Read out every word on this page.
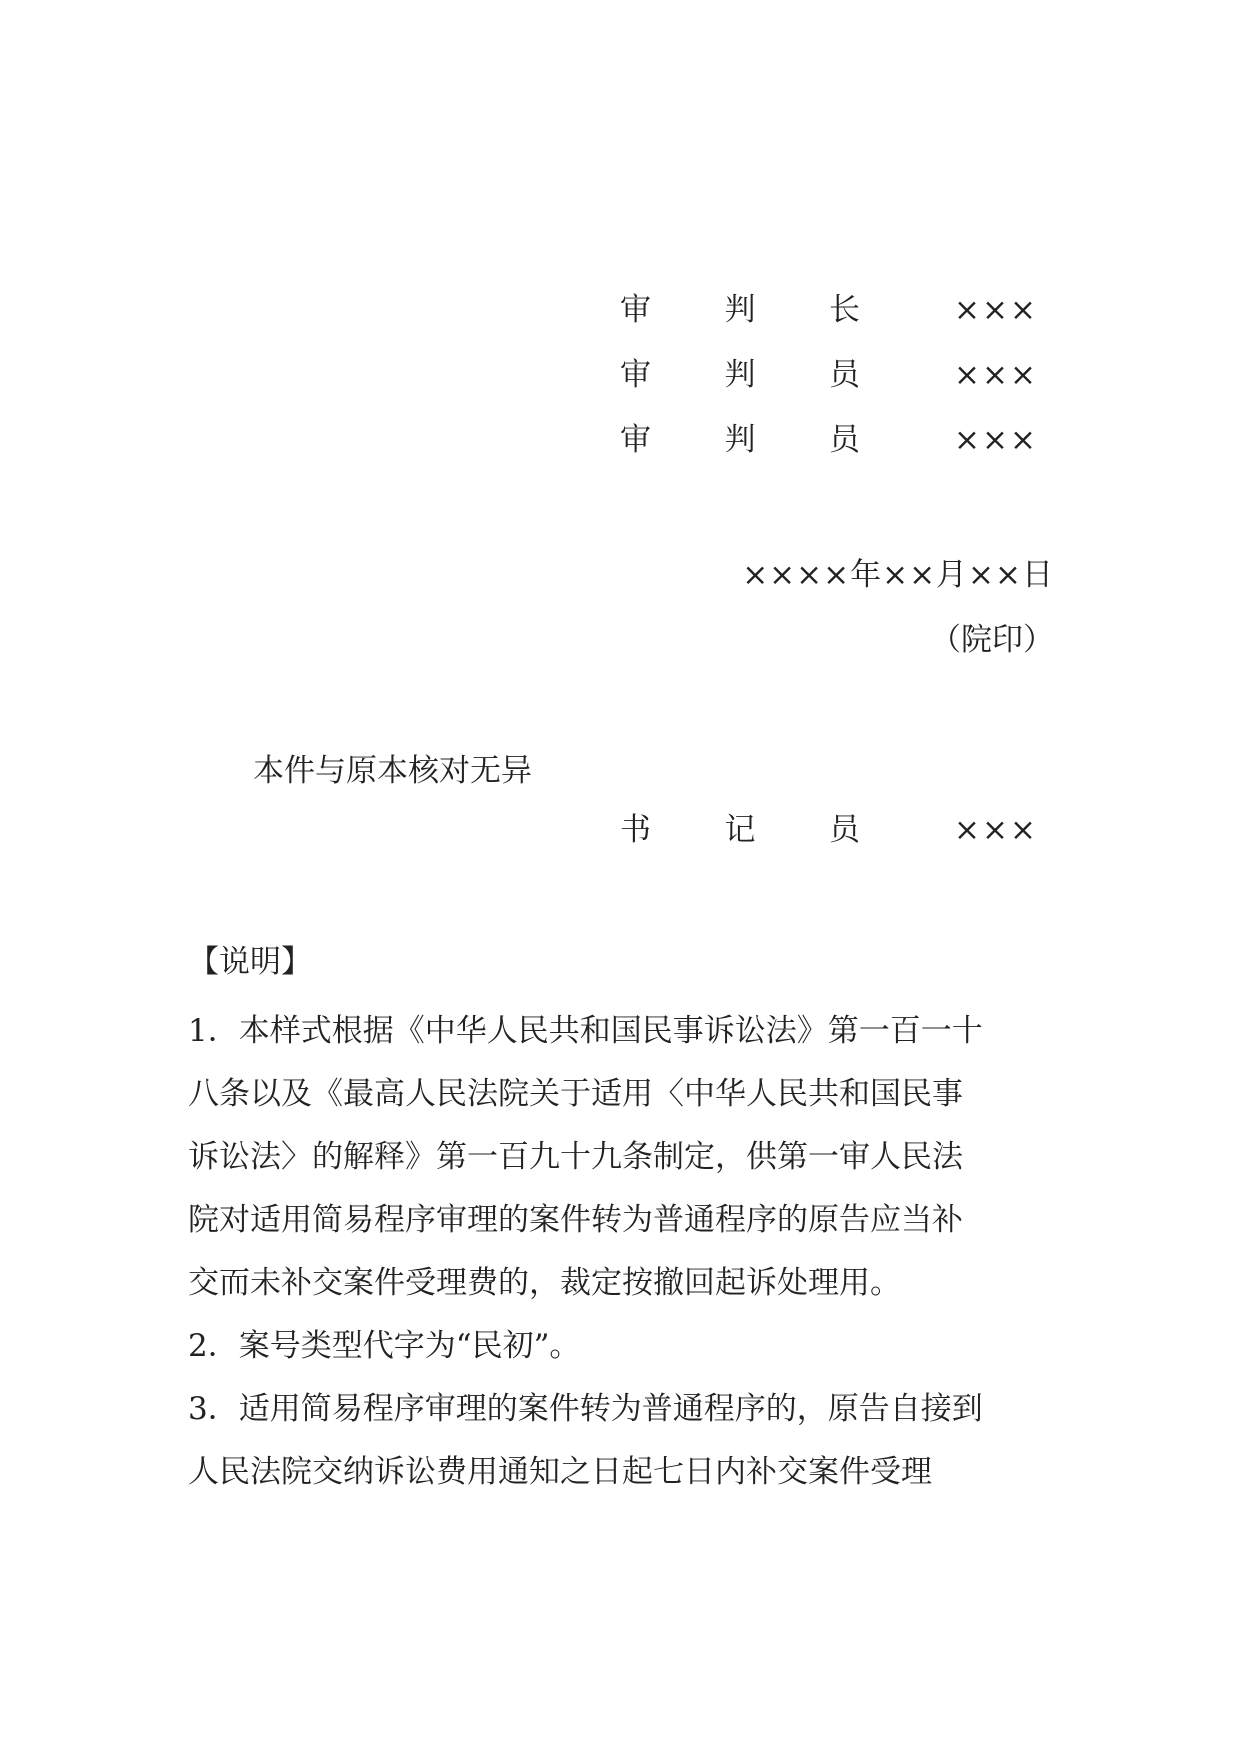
审 判 长	×××
审 判 员	×××
审 判 员	×××
××××年××月××日
（院印）
本件与原本核对无异
书 记 员	×××
【说明】
1．本样式根据《中华人民共和国民事诉讼法》第一百一十
八条以及《最高人民法院关于适用〈中华人民共和国民事
诉讼法〉的解释》第一百九十九条制定，供第一审人民法
院对适用简易程序审理的案件转为普通程序的原告应当补
交而未补交案件受理费的，裁定按撤回起诉处理用。
2．案号类型代字为“民初”。
3．适用简易程序审理的案件转为普通程序的，原告自接到
人民法院交纳诉讼费用通知之日起七日内补交案件受理
